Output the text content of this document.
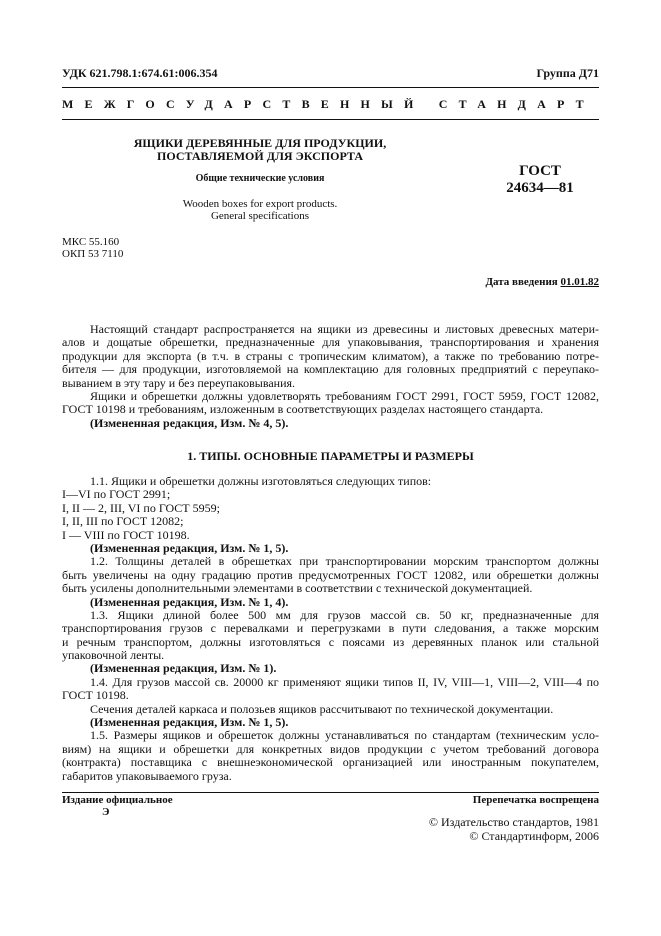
УДК 621.798.1:674.61:006.354	Группа Д71
МЕЖГОСУДАРСТВЕННЫЙ СТАНДАРТ
ЯЩИКИ ДЕРЕВЯННЫЕ ДЛЯ ПРОДУКЦИИ,
ПОСТАВЛЯЕМОЙ ДЛЯ ЭКСПОРТА
Общие технические условия
Wooden boxes for export products.
General specifications
ГОСТ
24634—81
МКС 55.160
ОКП 53 7110
Дата введения 01.01.82
Настоящий стандарт распространяется на ящики из древесины и листовых древесных матери-
алов и дощатые обрешетки, предназначенные для упаковывания, транспортирования и хранения
продукции для экспорта (в т.ч. в страны с тропическим климатом), а также по требованию потре-
бителя — для продукции, изготовляемой на комплектацию для головных предприятий с переупако-
выванием в эту тару и без переупаковывания.
Ящики и обрешетки должны удовлетворять требованиям ГОСТ 2991, ГОСТ 5959, ГОСТ 12082,
ГОСТ 10198 и требованиям, изложенным в соответствующих разделах настоящего стандарта.
(Измененная редакция, Изм. № 4, 5).
1. ТИПЫ. ОСНОВНЫЕ ПАРАМЕТРЫ И РАЗМЕРЫ
1.1. Ящики и обрешетки должны изготовляться следующих типов:
I—VI по ГОСТ 2991;
I, II — 2, III, VI по ГОСТ 5959;
I, II, III по ГОСТ 12082;
I — VIII по ГОСТ 10198.
(Измененная редакция, Изм. № 1, 5).
1.2. Толщины деталей в обрешетках при транспортировании морским транспортом должны
быть увеличены на одну градацию против предусмотренных ГОСТ 12082, или обрешетки должны
быть усилены дополнительными элементами в соответствии с технической документацией.
(Измененная редакция, Изм. № 1, 4).
1.3. Ящики длиной более 500 мм для грузов массой св. 50 кг, предназначенные для
транспортирования грузов с перевалками и перегрузками в пути следования, а также морским
и речным транспортом, должны изготовляться с поясами из деревянных планок или стальной
упаковочной ленты.
(Измененная редакция, Изм. № 1).
1.4. Для грузов массой св. 20000 кг применяют ящики типов II, IV, VIII—1, VIII—2, VIII—4 по
ГОСТ 10198.
Сечения деталей каркаса и полозьев ящиков рассчитывают по технической документации.
(Измененная редакция, Изм. № 1, 5).
1.5. Размеры ящиков и обрешеток должны устанавливаться по стандартам (техническим усло-
виям) на ящики и обрешетки для конкретных видов продукции с учетом требований договора
(контракта) поставщика с внешнеэкономической организацией или иностранным покупателем,
габаритов упаковываемого груза.
Издание официальное
Э
Перепечатка воспрещена
© Издательство стандартов, 1981
© Стандартинформ, 2006
